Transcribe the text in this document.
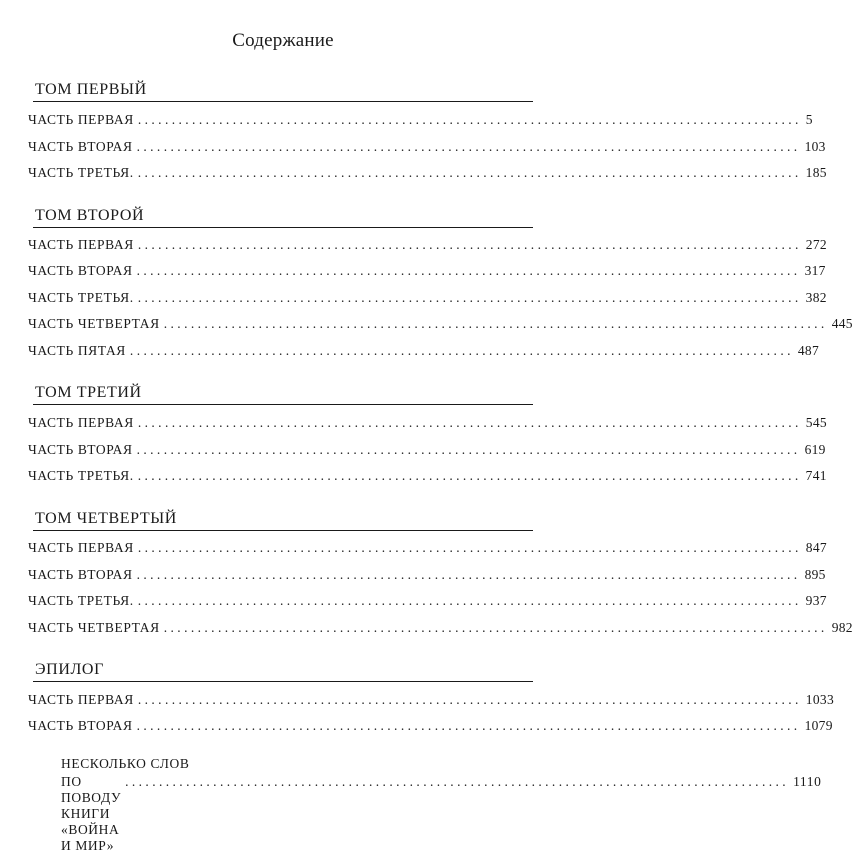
Содержание
ТОМ ПЕРВЫЙ
ЧАСТЬ ПЕРВАЯ .................................................................................................. 5
ЧАСТЬ ВТОРАЯ .................................................................................................. 103
ЧАСТЬ ТРЕТЬЯ. .................................................................................................. 185
ТОМ ВТОРОЙ
ЧАСТЬ ПЕРВАЯ .................................................................................................. 272
ЧАСТЬ ВТОРАЯ .................................................................................................. 317
ЧАСТЬ ТРЕТЬЯ. .................................................................................................. 382
ЧАСТЬ ЧЕТВЕРТАЯ .................................................................................................. 445
ЧАСТЬ ПЯТАЯ .................................................................................................. 487
ТОМ ТРЕТИЙ
ЧАСТЬ ПЕРВАЯ .................................................................................................. 545
ЧАСТЬ ВТОРАЯ .................................................................................................. 619
ЧАСТЬ ТРЕТЬЯ. .................................................................................................. 741
ТОМ ЧЕТВЕРТЫЙ
ЧАСТЬ ПЕРВАЯ .................................................................................................. 847
ЧАСТЬ ВТОРАЯ .................................................................................................. 895
ЧАСТЬ ТРЕТЬЯ. .................................................................................................. 937
ЧАСТЬ ЧЕТВЕРТАЯ .................................................................................................. 982
ЭПИЛОГ
ЧАСТЬ ПЕРВАЯ .................................................................................................. 1033
ЧАСТЬ ВТОРАЯ .................................................................................................. 1079
НЕСКОЛЬКО СЛОВ
ПО ПОВОДУ КНИГИ «ВОЙНА И МИР»
.................................................................................................. 1110
